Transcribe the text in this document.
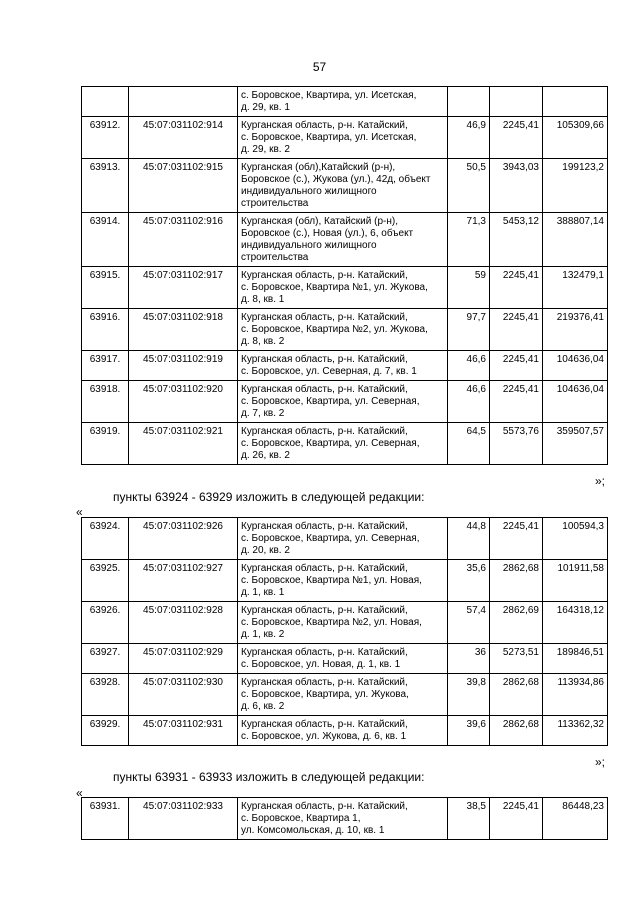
57

		с. Боровское, Квартира, ул. Исетская,
д. 29, кв. 1			

63912.	45:07:031102:914	Курганская область, р-н. Катайский,
с. Боровское, Квартира, ул. Исетская,
д. 29, кв. 2	46,9	2245,41	105309,66
63913.	45:07:031102:915	Курганская (обл),Катайский (р-н),
Боровское (с.), Жукова (ул.), 42д, объект
индивидуального жилищного
строительства	50,5	3943,03	199123,2
63914.	45:07:031102:916	Курганская (обл), Катайский (р-н),
Боровское (с.), Новая (ул.), 6, объект
индивидуального жилищного
строительства	71,3	5453,12	388807,14
63915.	45:07:031102:917	Курганская область, р-н. Катайский,
с. Боровское, Квартира №1, ул. Жукова,
д. 8, кв. 1	59	2245,41	132479,1
63916.	45:07:031102:918	Курганская область, р-н. Катайский,
с. Боровское, Квартира №2, ул. Жукова,
д. 8, кв. 2	97,7	2245,41	219376,41
63917.	45:07:031102:919	Курганская область, р-н. Катайский,
с. Боровское, ул. Северная, д. 7, кв. 1	46,6	2245,41	104636,04
63918.	45:07:031102:920	Курганская область, р-н. Катайский,
с. Боровское, Квартира, ул. Северная,
д. 7, кв. 2	46,6	2245,41	104636,04
63919.	45:07:031102:921	Курганская область, р-н. Катайский,
с. Боровское, Квартира, ул. Северная,
д. 26, кв. 2	64,5	5573,76	359507,57
»;
пункты 63924 - 63929 изложить в следующей редакции:
«
63924.	45:07:031102:926	Курганская область, р-н. Катайский,
с. Боровское, Квартира, ул. Северная,
д. 20, кв. 2	44,8	2245,41	100594,3
63925.	45:07:031102:927	Курганская область, р-н. Катайский,
с. Боровское, Квартира №1, ул. Новая,
д. 1, кв. 1	35,6	2862,68	101911,58
63926.	45:07:031102:928	Курганская область, р-н. Катайский,
с. Боровское, Квартира №2, ул. Новая,
д. 1, кв. 2	57,4	2862,69	164318,12
63927.	45:07:031102:929	Курганская область, р-н. Катайский,
с. Боровское, ул. Новая, д. 1, кв. 1	36	5273,51	189846,51
63928.	45:07:031102:930	Курганская область, р-н. Катайский,
с. Боровское, Квартира, ул. Жукова,
д. 6, кв. 2	39,8	2862,68	113934,86
63929.	45:07:031102:931	Курганская область, р-н. Катайский,
с. Боровское, ул. Жукова, д. 6, кв. 1	39,6	2862,68	113362,32
»;
пункты 63931 - 63933 изложить в следующей редакции:
«
63931.	45:07:031102:933	Курганская область, р-н. Катайский,
с. Боровское, Квартира 1,
ул. Комсомольская, д. 10, кв. 1
	38,5	2245,41	86448,23
